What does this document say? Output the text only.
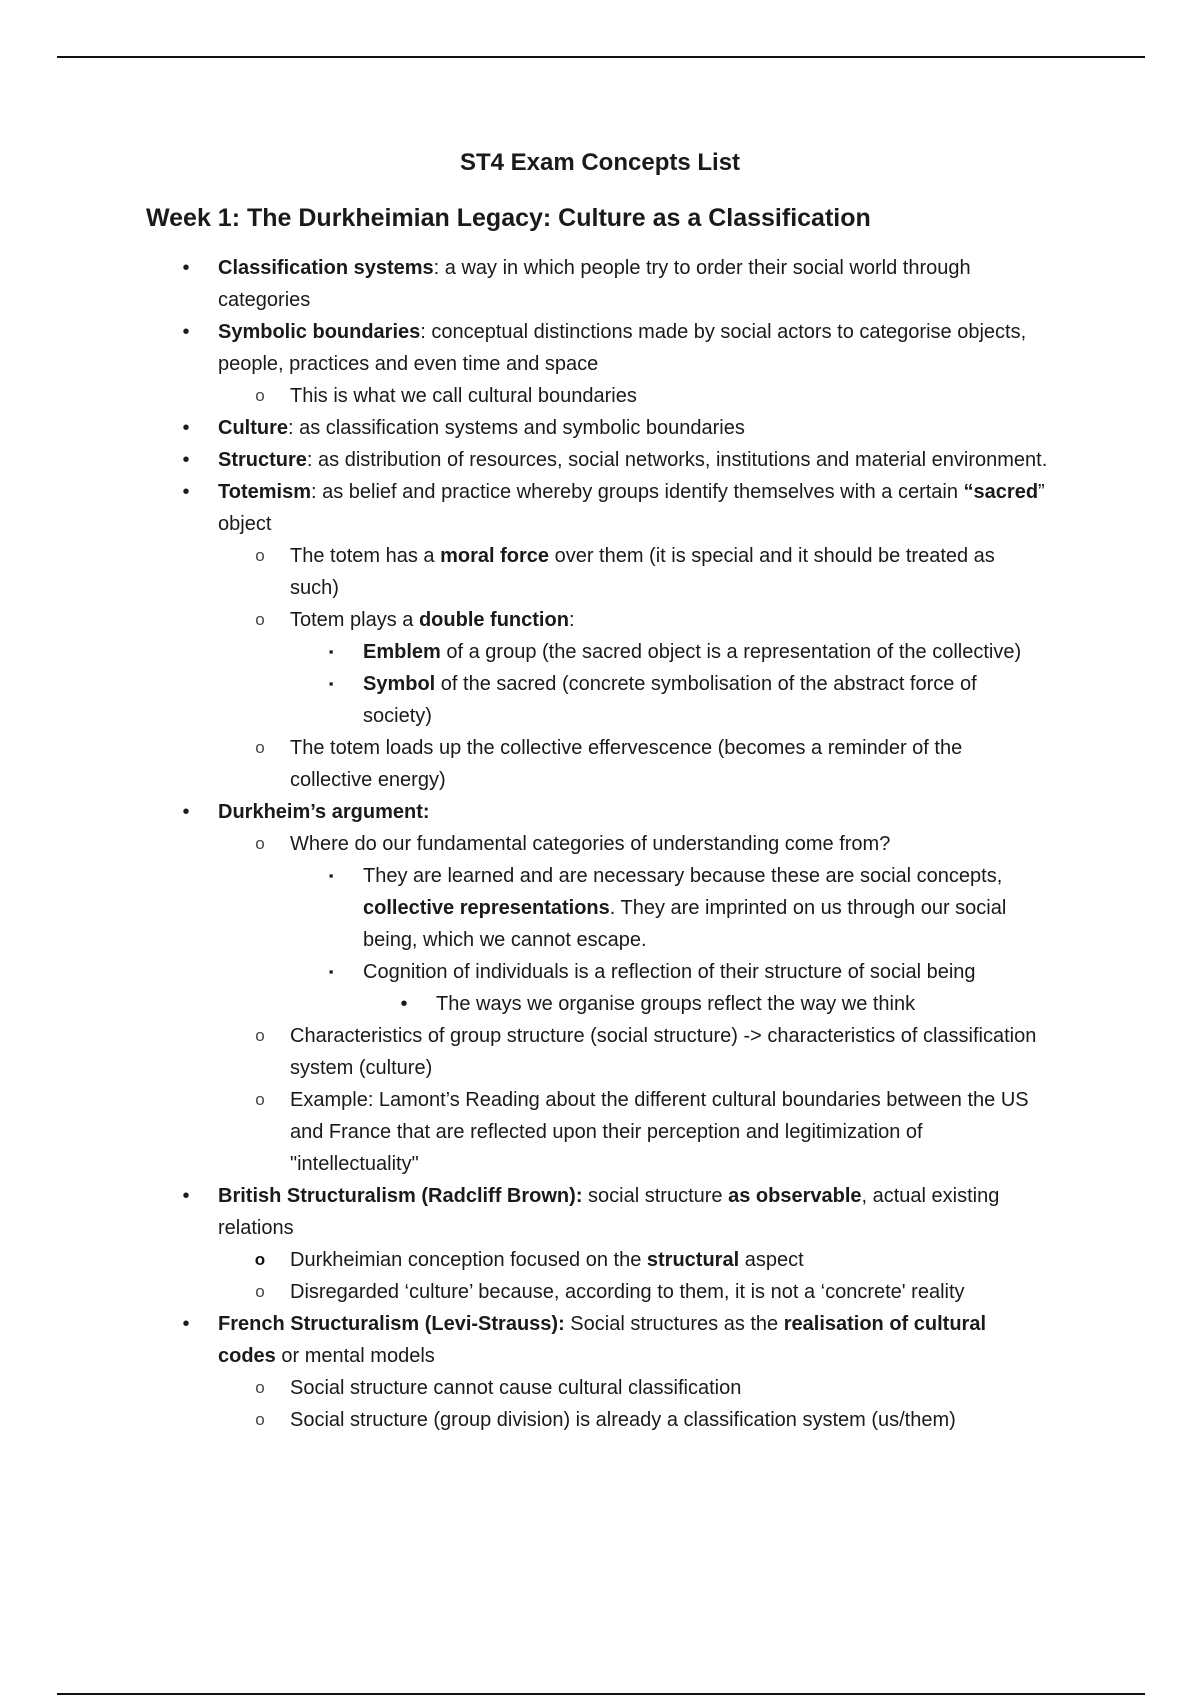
ST4 Exam Concepts List
Week 1: The Durkheimian Legacy: Culture as a Classification
•	Classification systems: a way in which people try to order their social world through categories
•	Symbolic boundaries: conceptual distinctions made by social actors to categorise objects, people, practices and even time and space
o This is what we call cultural boundaries
•	Culture: as classification systems and symbolic boundaries
•	Structure: as distribution of resources, social networks, institutions and material environment.
•	Totemism: as belief and practice whereby groups identify themselves with a certain “sacred” object
o The totem has a moral force over them (it is special and it should be treated as such)
o Totem plays a double function:
▪	Emblem of a group (the sacred object is a representation of the collective)
▪	Symbol of the sacred (concrete symbolisation of the abstract force of society)
o The totem loads up the collective effervescence (becomes a reminder of the collective energy)
•	Durkheim’s argument:
o Where do our fundamental categories of understanding come from?
▪	They are learned and are necessary because these are social concepts, collective representations. They are imprinted on us through our social being, which we cannot escape.
▪	Cognition of individuals is a reflection of their structure of social being
•	The ways we organise groups reflect the way we think
o Characteristics of group structure (social structure) -> characteristics of classification system (culture)
o Example: Lamont’s Reading about the different cultural boundaries between the US and France that are reflected upon their perception and legitimization of "intellectuality"
•	British Structuralism (Radcliff Brown): social structure as observable, actual existing relations
o Durkheimian conception focused on the structural aspect
o Disregarded ‘culture’ because, according to them, it is not a ‘concrete' reality
•	French Structuralism (Levi-Strauss): Social structures as the realisation of cultural codes or mental models
o Social structure cannot cause cultural classification
o Social structure (group division) is already a classification system (us/them)
